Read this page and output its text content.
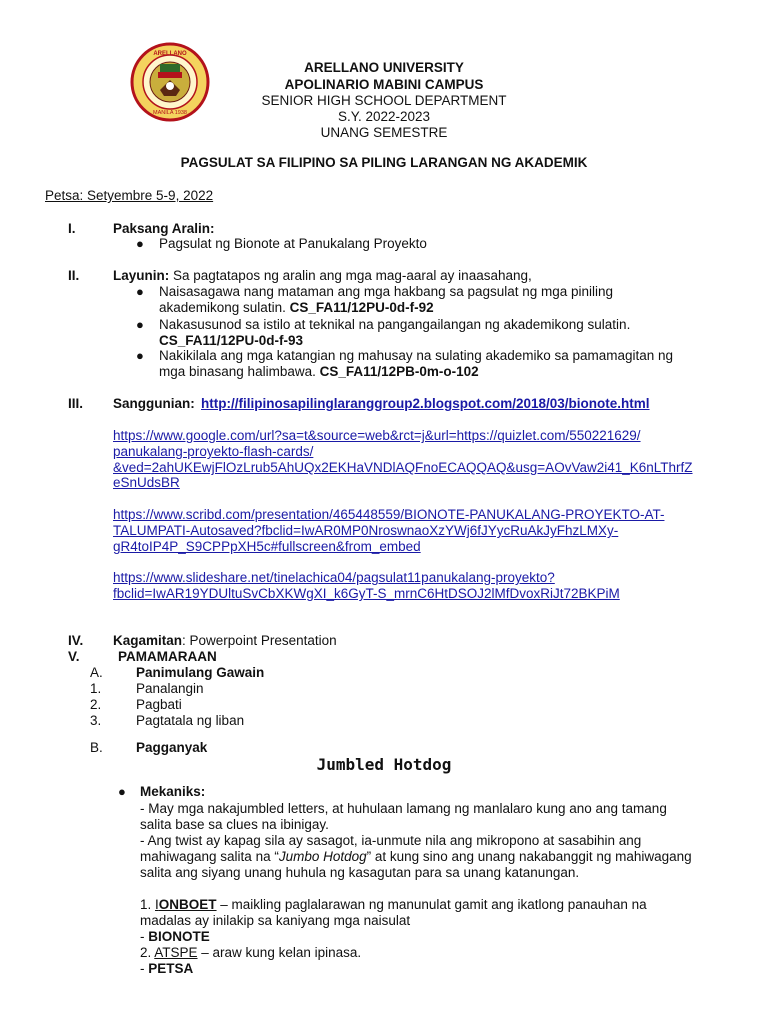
ARELLANO
MANILA 1938
ARELLANO UNIVERSITY
APOLINARIO MABINI CAMPUS
SENIOR HIGH SCHOOL DEPARTMENT
S.Y. 2022-2023
UNANG SEMESTRE
PAGSULAT SA FILIPINO SA PILING LARANGAN NG AKADEMIK
Petsa: Setyembre 5-9, 2022
I.	Paksang Aralin:
● Pagsulat ng Bionote at Panukalang Proyekto
II. Layunin: Sa pagtatapos ng aralin ang mga mag-aaral ay inaasahang,
● Naisasagawa nang mataman ang mga hakbang sa pagsulat ng mga piniling
akademikong sulatin. CS_FA11/12PU-0d-f-92
● Nakasusunod sa istilo at teknikal na pangangailangan ng akademikong sulatin.
CS_FA11/12PU-0d-f-93
● Nakikilala ang mga katangian ng mahusay na sulating akademiko sa pamamagitan ng
mga binasang halimbawa. CS_FA11/12PB-0m-o-102
III. Sanggunian: http://filipinosapilinglaranggroup2.blogspot.com/2018/03/bionote.html
https://www.google.com/url?sa=t&source=web&rct=j&url=https://quizlet.com/550221629/
panukalang-proyekto-flash-cards/
&ved=2ahUKEwjFlOzLrub5AhUQx2EKHaVNDlAQFnoECAQQAQ&usg=AOvVaw2i41_K6nLThrfZ
eSnUdsBR
https://www.scribd.com/presentation/465448559/BIONOTE-PANUKALANG-PROYEKTO-AT-
TALUMPATI-Autosaved?fbclid=IwAR0MP0NroswnaoXzYWj6fJYycRuAkJyFhzLMXy-
gR4toIP4P_S9CPPpXH5c#fullscreen&from_embed
https://www.slideshare.net/tinelachica04/pagsulat11panukalang-proyekto?
fbclid=IwAR19YDUltuSvCbXKWgXI_k6GyT-S_mrnC6HtDSOJ2lMfDvoxRiJt72BKPiM
IV. Kagamitan: Powerpoint Presentation
V.	PAMAMARAAN
A. Panimulang Gawain
1.	Panalangin
2.	Pagbati
3.	Pagtatala ng liban
B. Pagganyak
Jumbled Hotdog
● Mekaniks:
- May mga nakajumbled letters, at huhulaan lamang ng manlalaro kung ano ang tamang
salita base sa clues na ibinigay.
- Ang twist ay kapag sila ay sasagot, ia-unmute nila ang mikropono at sasabihin ang
mahiwagang salita na “Jumbo Hotdog” at kung sino ang unang nakabanggit ng mahiwagang
salita ang siyang unang huhula ng kasagutan para sa unang katanungan.
1. IONBOET – maikling paglalarawan ng manunulat gamit ang ikatlong panauhan na
madalas ay inilakip sa kaniyang mga naisulat
- BIONOTE
2. ATSPE – araw kung kelan ipinasa.
- PETSA
